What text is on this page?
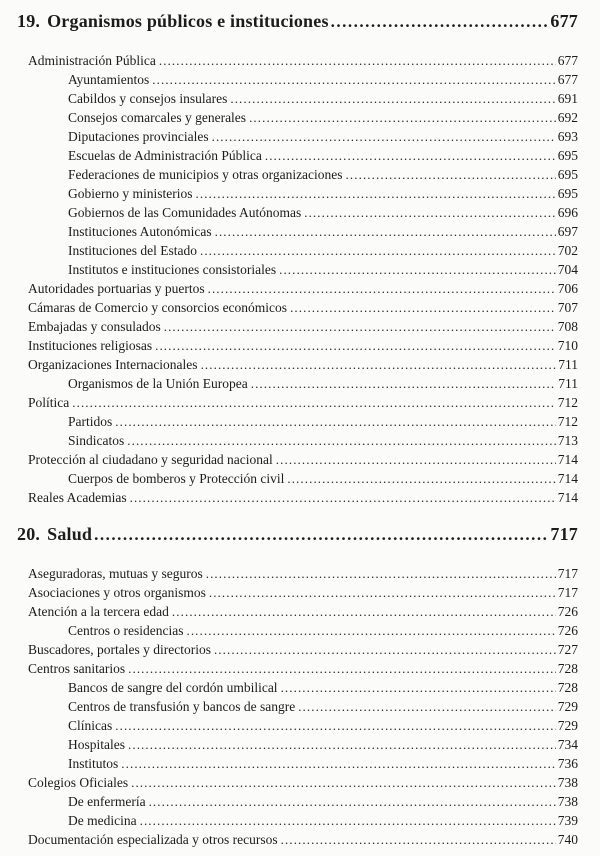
19. Organismos públicos e instituciones .....	677
Administración Pública .....	677
Ayuntamientos .....	677
Cabildos y consejos insulares .....	691
Consejos comarcales y generales .....	692
Diputaciones provinciales .....	693
Escuelas de Administración Pública .....	695
Federaciones de municipios y otras organizaciones .....	695
Gobierno y ministerios .....	695
Gobiernos de las Comunidades Autónomas .....	696
Instituciones Autonómicas .....	697
Instituciones del Estado .....	702
Institutos e instituciones consistoriales .....	704
Autoridades portuarias y puertos .....	706
Cámaras de Comercio y consorcios económicos .....	707
Embajadas y consulados .....	708
Instituciones religiosas .....	710
Organizaciones Internacionales .....	711
Organismos de la Unión Europea .....	711
Política .....	712
Partidos .....	712
Sindicatos .....	713
Protección al ciudadano y seguridad nacional .....	714
Cuerpos de bomberos y Protección civil .....	714
Reales Academias .....	714
20. Salud .....	717
Aseguradoras, mutuas y seguros .....	717
Asociaciones y otros organismos .....	717
Atención a la tercera edad .....	726
Centros o residencias .....	726
Buscadores, portales y directorios .....	727
Centros sanitarios .....	728
Bancos de sangre del cordón umbilical .....	728
Centros de transfusión y bancos de sangre .....	729
Clínicas .....	729
Hospitales .....	734
Institutos .....	736
Colegios Oficiales .....	738
De enfermería .....	738
De medicina .....	739
Documentación especializada y otros recursos .....	740
